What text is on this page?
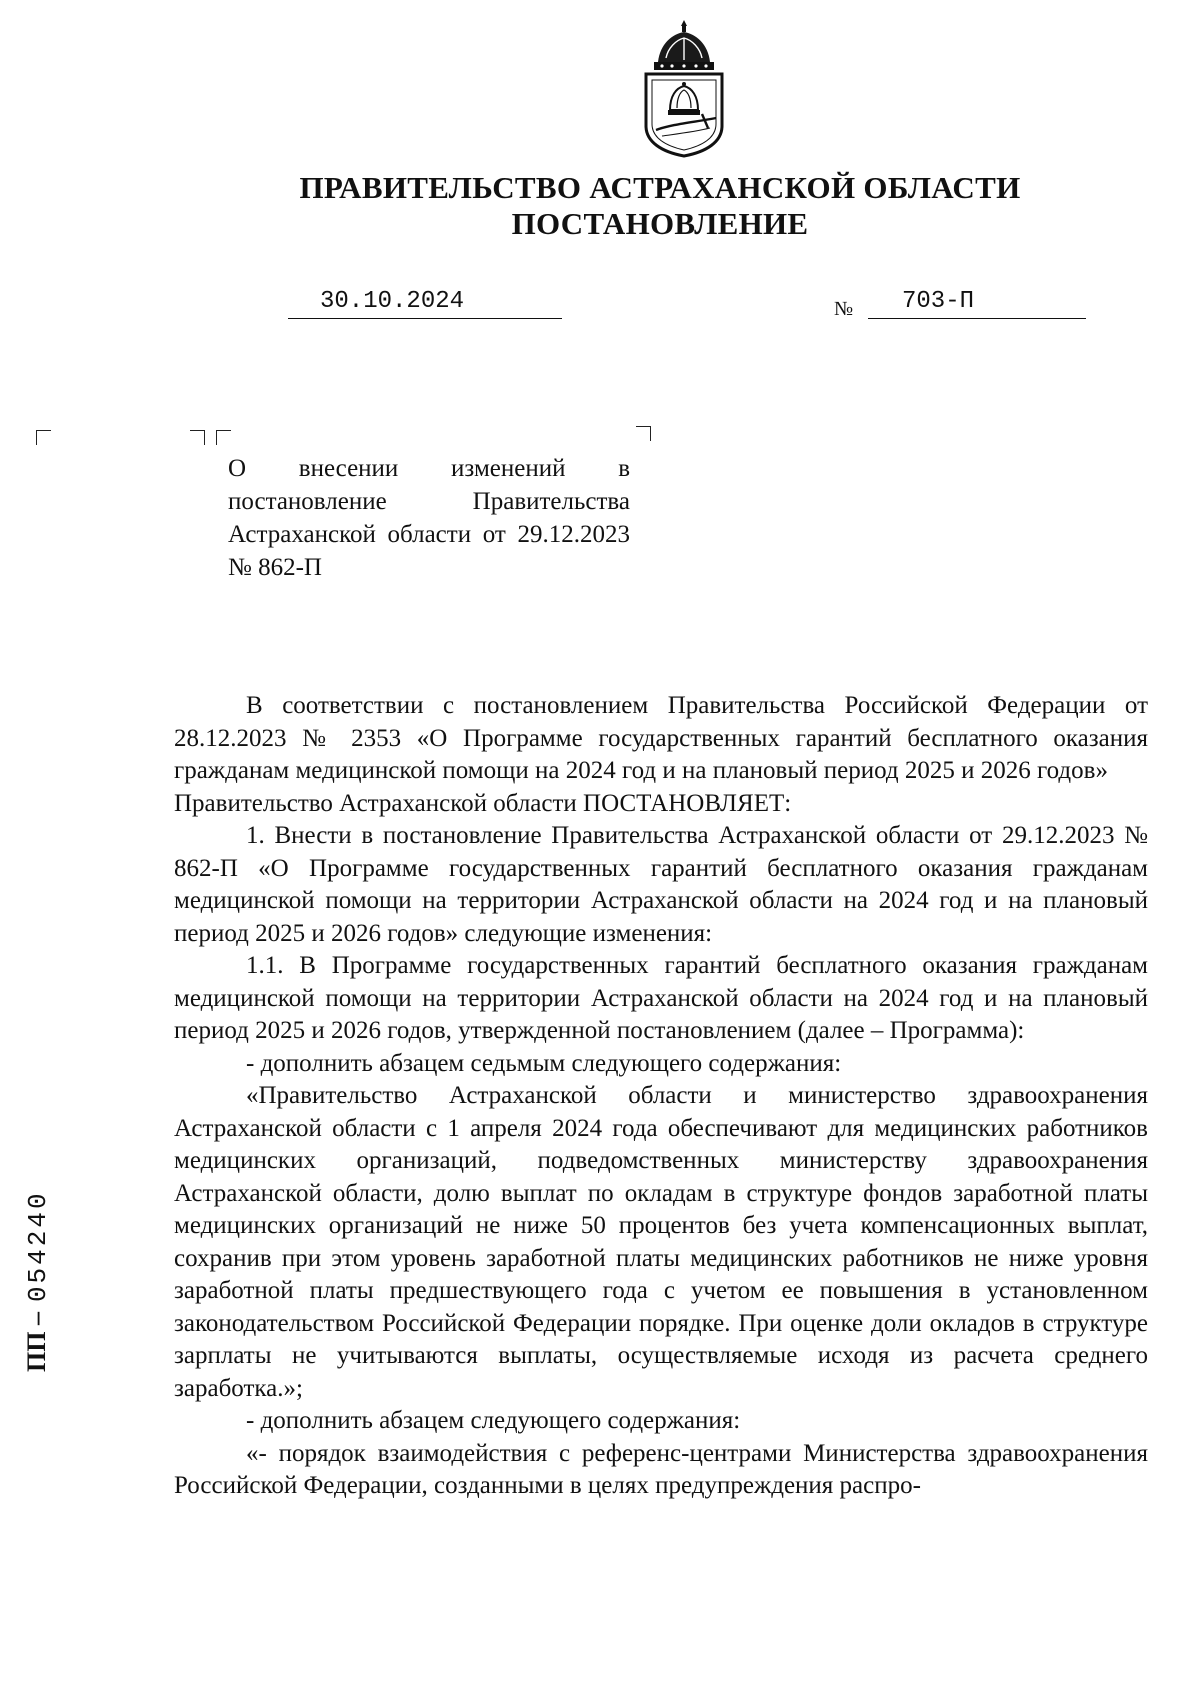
ПРАВИТЕЛЬСТВО АСТРАХАНСКОЙ ОБЛАСТИ
ПОСТАНОВЛЕНИЕ
30.10.2024	№ 703-П
О внесении изменений в постановление Правительства Астраханской области от 29.12.2023 № 862-П

В соответствии с постановлением Правительства Российской Федерации от 28.12.2023 № 2353 «О Программе государственных гарантий бесплатного оказания гражданам медицинской помощи на 2024 год и на плановый период 2025 и 2026 годов»

Правительство Астраханской области ПОСТАНОВЛЯЕТ:

1. Внести в постановление Правительства Астраханской области от 29.12.2023 № 862-П «О Программе государственных гарантий бесплатного оказания гражданам медицинской помощи на территории Астраханской области на 2024 год и на плановый период 2025 и 2026 годов» следующие изменения:

1.1. В Программе государственных гарантий бесплатного оказания гражданам медицинской помощи на территории Астраханской области на 2024 год и на плановый период 2025 и 2026 годов, утвержденной постановлением (далее – Программа):

- дополнить абзацем седьмым следующего содержания:

«Правительство Астраханской области и министерство здравоохранения Астраханской области с 1 апреля 2024 года обеспечивают для медицинских работников медицинских организаций, подведомственных министерству здравоохранения Астраханской области, долю выплат по окладам в структуре фондов заработной платы медицинских организаций не ниже 50 процентов без учета компенсационных выплат, сохранив при этом уровень заработной платы медицинских работников не ниже уровня заработной платы предшествующего года с учетом ее повышения в установленном законодательством Российской Федерации порядке. При оценке доли окладов в структуре зарплаты не учитываются выплаты, осуществляемые исходя из расчета среднего заработка.»;

- дополнить абзацем следующего содержания:

«- порядок взаимодействия с референс-центрами Министерства здравоохранения Российской Федерации, созданными в целях предупреждения распро-

ПП –054240
